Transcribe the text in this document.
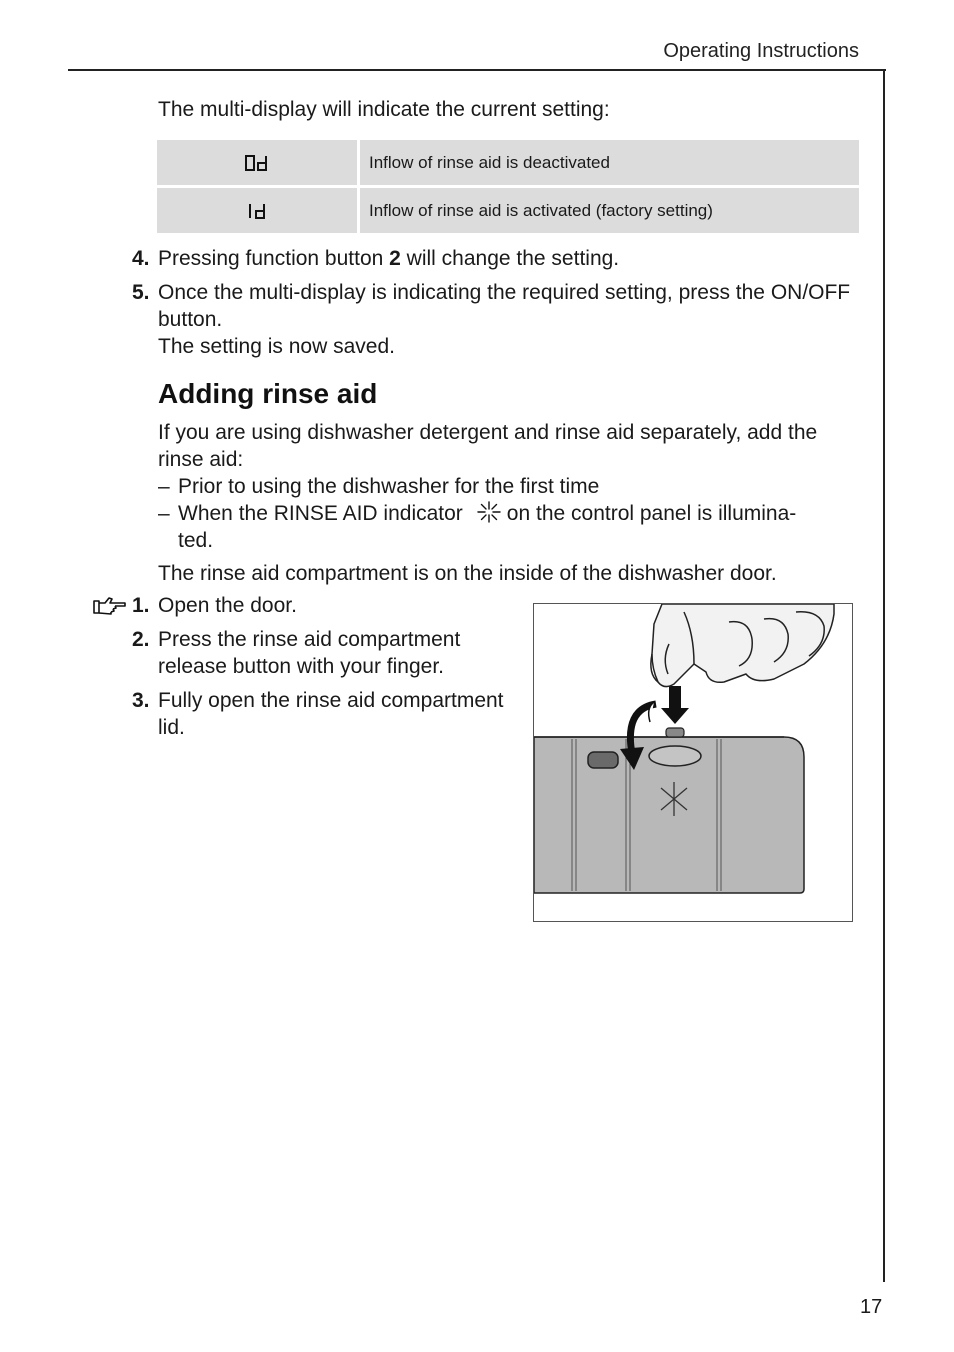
Operating Instructions
The multi-display will indicate the current setting:
Inflow of rinse aid is deactivated
Inflow of rinse aid is activated (factory setting)
4. Pressing function button 2 will change the setting.
5. Once the multi-display is indicating the required setting, press the ON/OFF
button.
The setting is now saved.
Adding rinse aid
If you are using dishwasher detergent and rinse aid separately, add the
rinse aid:
– Prior to using the dishwasher for the first time
– When the RINSE AID indicator on the control panel is illumina-
ted.
The rinse aid compartment is on the inside of the dishwasher door.
1. Open the door.
2. Press the rinse aid compartment
release button with your finger.
3. Fully open the rinse aid compartment
lid.
17
